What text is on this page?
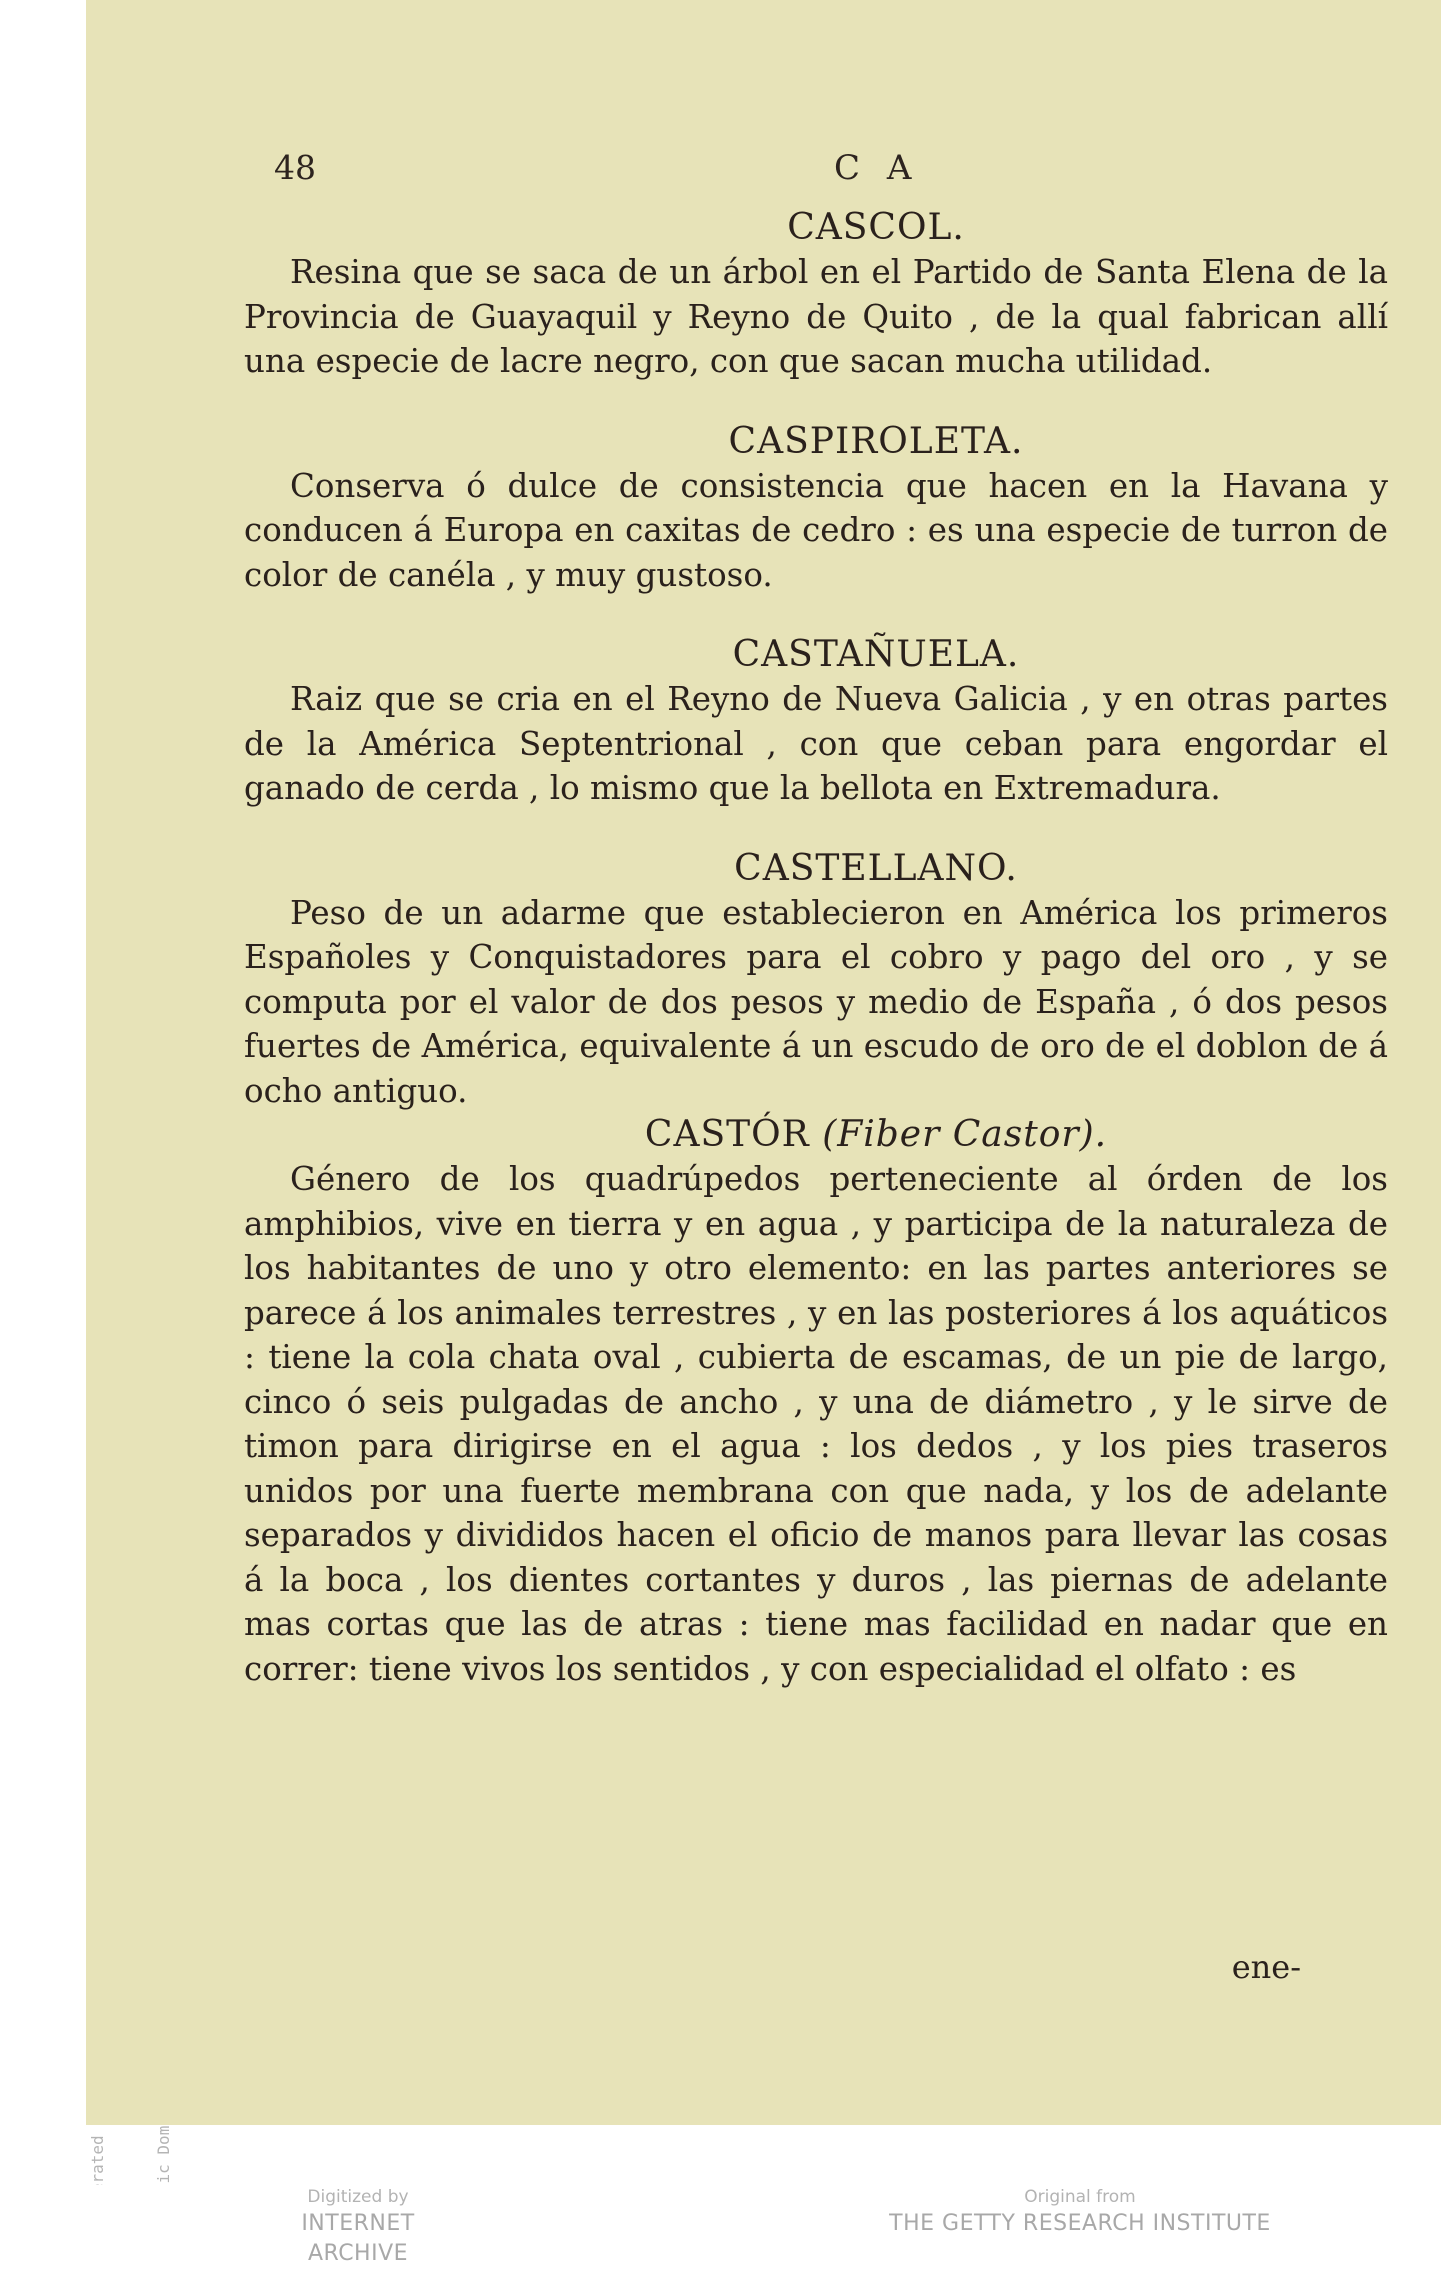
48	C A

CASCOL.

Resina que se saca de un árbol en el Partido de Santa Elena de la Provincia de Guayaquil y Reyno de Quito , de la qual fabrican allí una especie de lacre negro, con que sacan mucha utilidad.

CASPIROLETA.

Conserva ó dulce de consistencia que hacen en la Havana y conducen á Europa en caxitas de cedro : es una especie de turron de color de canéla , y muy gustoso.

CASTAÑUELA.

Raiz que se cria en el Reyno de Nueva Galicia , y en otras partes de la América Septentrional , con que ceban para engordar el ganado de cerda , lo mismo que la bellota en Extremadura.

CASTELLANO.

Peso de un adarme que establecieron en América los primeros Españoles y Conquistadores para el cobro y pago del oro , y se computa por el valor de dos pesos y medio de España , ó dos pesos fuertes de América, equivalente á un escudo de oro de el doblon de á ocho antiguo.

CASTÓR (Fiber Castor).

Género de los quadrúpedos perteneciente al órden de los amphibios, vive en tierra y en agua , y participa de la naturaleza de los habitantes de uno y otro elemento: en las partes anteriores se parece á los animales terrestres , y en las posteriores á los aquáticos : tiene la cola chata oval , cubierta de escamas, de un pie de largo, cinco ó seis pulgadas de ancho , y una de diámetro , y le sirve de timon para dirigirse en el agua : los dedos , y los pies traseros unidos por una fuerte membrana con que nada, y los de adelante separados y divididos hacen el oficio de manos para llevar las cosas á la boca , los dientes cortantes y duros , las piernas de adelante mas cortas que las de atras : tiene mas facilidad en nadar que en correr: tiene vivos los sentidos , y con especialidad el olfato : es

ene-
Digitized by
INTERNET ARCHIVE
Original from
THE GETTY RESEARCH INSTITUTE
